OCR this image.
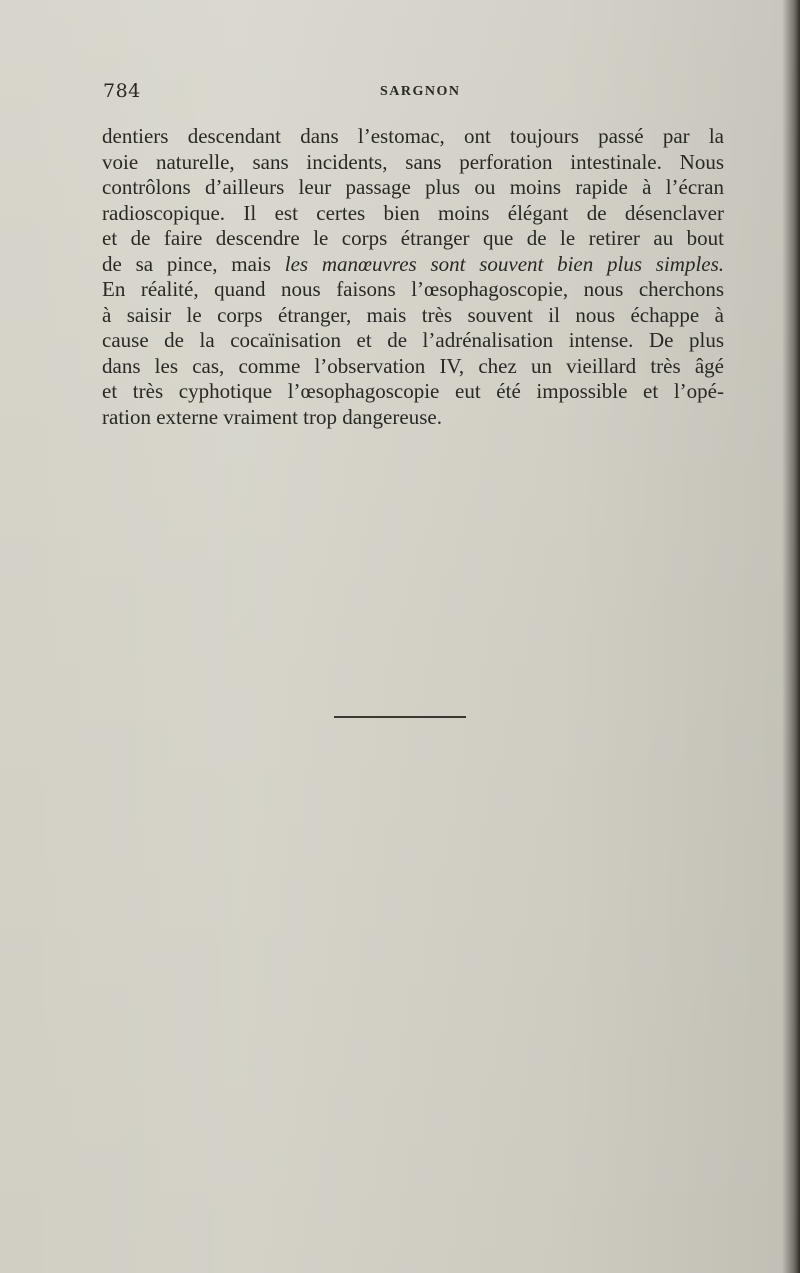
784	SARGNON
dentiers descendant dans l’estomac, ont toujours passé par la
voie naturelle, sans incidents, sans perforation intestinale. Nous
contrôlons d’ailleurs leur passage plus ou moins rapide à l’écran
radioscopique. Il est certes bien moins élégant de désenclaver
et de faire descendre le corps étranger que de le retirer au bout
de sa pince, mais les manœuvres sont souvent bien plus simples.
En réalité, quand nous faisons l’œsophagoscopie, nous cherchons
à saisir le corps étranger, mais très souvent il nous échappe à
cause de la cocaïnisation et de l’adrénalisation intense. De plus
dans les cas, comme l’observation IV, chez un vieillard très âgé
et très cyphotique l’œsophagoscopie eut été impossible et l’opé-
ration externe vraiment trop dangereuse.
